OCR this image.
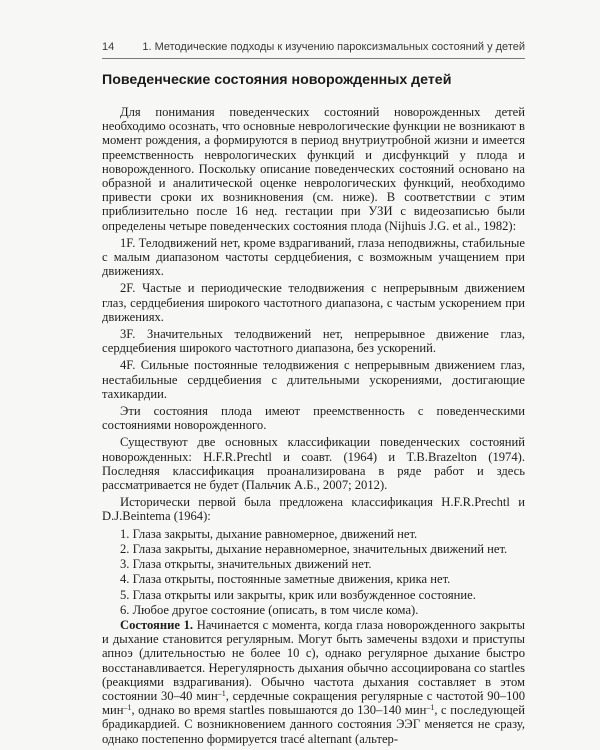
14	1. Методические подходы к изучению пароксизмальных состояний у детей
Поведенческие состояния новорожденных детей

Для понимания поведенческих состояний новорожденных детей необходимо осознать, что основные неврологические функции не возникают в момент рождения, а формируются в период внутриутробной жизни и имеется преемственность неврологических функций и дисфункций у плода и новорожденного. Поскольку описание поведенческих состояний основано на образной и аналитической оценке неврологических функций, необходимо привести сроки их возникновения (см. ниже). В соответствии с этим приблизительно после 16 нед. гестации при УЗИ с видеозаписью были определены четыре поведенческих состояния плода (Nijhuis J.G. et al., 1982):

1F. Телодвижений нет, кроме вздрагиваний, глаза неподвижны, стабильные с малым диапазоном частоты сердцебиения, с возможным учащением при движениях.

2F. Частые и периодические телодвижения с непрерывным движением глаз, сердцебиения широкого частотного диапазона, с частым ускорением при движениях.

3F. Значительных телодвижений нет, непрерывное движение глаз, сердцебиения широкого частотного диапазона, без ускорений.

4F. Сильные постоянные телодвижения с непрерывным движением глаз, нестабильные сердцебиения с длительными ускорениями, достигающие тахикардии.

Эти состояния плода имеют преемственность с поведенческими состояниями новорожденного.

Существуют две основных классификации поведенческих состояний новорожденных: H.F.R.Prechtl и соавт. (1964) и T.B.Brazelton (1974). Последняя классификация проанализирована в ряде работ и здесь рассматривается не будет (Пальчик А.Б., 2007; 2012).

Исторически первой была предложена классификация H.F.R.Prechtl и D.J.Beintema (1964):

1. Глаза закрыты, дыхание равномерное, движений нет.

2. Глаза закрыты, дыхание неравномерное, значительных движений нет.

3. Глаза открыты, значительных движений нет.

4. Глаза открыты, постоянные заметные движения, крика нет.

5. Глаза открыты или закрыты, крик или возбужденное состояние.

6. Любое другое состояние (описать, в том числе кома).

Состояние 1. Начинается с момента, когда глаза новорожденного закрыты и дыхание становится регулярным. Могут быть замечены вздохи и приступы апноэ (длительностью не более 10 с), однако регулярное дыхание быстро восстанавливается. Нерегулярность дыхания обычно ассоциирована со startles (реакциями вздрагивания). Обычно частота дыхания составляет в этом состоянии 30–40 мин$^{-1}$, сердечные сокращения регулярные с частотой 90–100 мин$^{-1}$, однако во время startles повышаются до 130–140 мин$^{-1}$, с последующей брадикардией. С возникновением данного состояния ЭЭГ меняется не сразу, однако постепенно формируется tracé alternant (альтер-
